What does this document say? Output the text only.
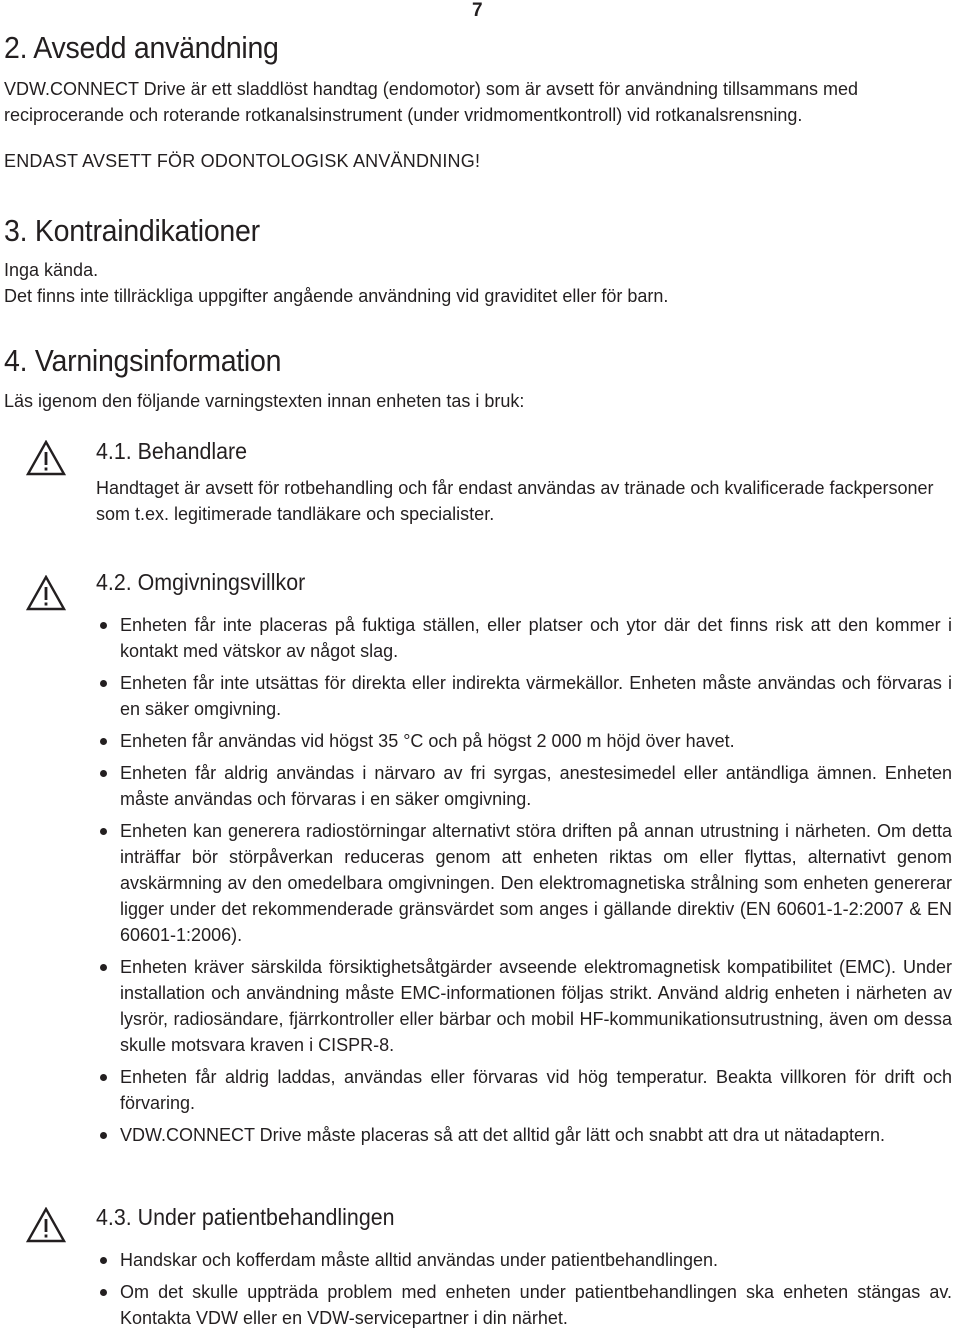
7
2. Avsedd användning

VDW.CONNECT Drive är ett sladdlöst handtag (endomotor) som är avsett för användning tillsammans med reciprocerande och roterande rotkanalsinstrument (under vridmomentkontroll) vid rotkanalsrensning.

ENDAST AVSETT FÖR ODONTOLOGISK ANVÄNDNING!

3. Kontraindikationer

Inga kända.

Det finns inte tillräckliga uppgifter angående användning vid graviditet eller för barn.

4. Varningsinformation

Läs igenom den följande varningstexten innan enheten tas i bruk:

4.1. Behandlare

Handtaget är avsett för rotbehandling och får endast användas av tränade och kvalificerade fackpersoner som t.ex. legitimerade tandläkare och specialister.

4.2. Omgivningsvillkor
Enheten får inte placeras på fuktiga ställen, eller platser och ytor där det finns risk att den kommer i kontakt med vätskor av något slag.
Enheten får inte utsättas för direkta eller indirekta värmekällor. Enheten måste användas och förvaras i en säker omgivning.
Enheten får användas vid högst 35 °C och på högst 2 000 m höjd över havet.
Enheten får aldrig användas i närvaro av fri syrgas, anestesimedel eller antändliga ämnen. Enheten måste användas och förvaras i en säker omgivning.
Enheten kan generera radiostörningar alternativt störa driften på annan utrustning i närheten. Om detta inträffar bör störpåverkan reduceras genom att enheten riktas om eller flyttas, alternativt genom avskärmning av den omedelbara omgivningen. Den elektromagnetiska strålning som enheten genererar ligger under det rekommenderade gränsvärdet som anges i gällande direktiv (EN 60601-1-2:2007 & EN 60601-1:2006).
Enheten kräver särskilda försiktighetsåtgärder avseende elektromagnetisk kompatibilitet (EMC). Under installation och användning måste EMC-informationen följas strikt. Använd aldrig enheten i närheten av lysrör, radiosändare, fjärrkontroller eller bärbar och mobil HF-kommunikationsutrustning, även om dessa skulle motsvara kraven i CISPR-8.
Enheten får aldrig laddas, användas eller förvaras vid hög temperatur. Beakta villkoren för drift och förvaring.
VDW.CONNECT Drive måste placeras så att det alltid går lätt och snabbt att dra ut nätadaptern.
4.3. Under patientbehandlingen
Handskar och kofferdam måste alltid användas under patientbehandlingen.
Om det skulle uppträda problem med enheten under patientbehandlingen ska enheten stängas av. Kontakta VDW eller en VDW-servicepartner i din närhet.
